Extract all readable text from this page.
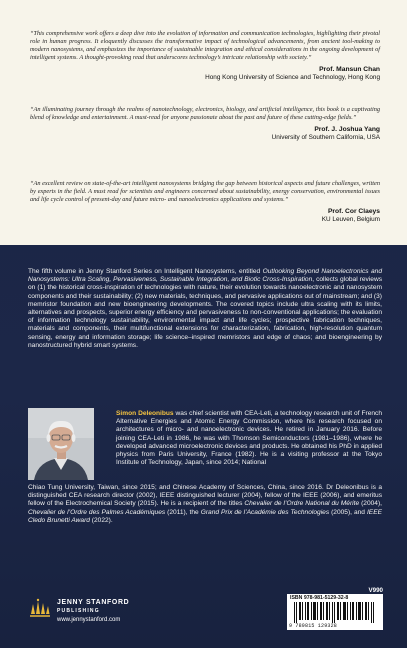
“This comprehensive work offers a deep dive into the evolution of information and communication technologies, highlighting their pivotal role in human progress. It eloquently discusses the transformative impact of technological advancements, from ancient tool-making to modern nanosystems, and emphasizes the importance of sustainable integration and ethical considerations in the ongoing development of intelligent systems. A thought-provoking read that underscores technology’s intricate relationship with society.”

Prof. Mansun Chan
Hong Kong University of Science and Technology, Hong Kong

“An illuminating journey through the realms of nanotechnology, electronics, biology, and artificial intelligence, this book is a captivating blend of knowledge and entertainment. A must-read for anyone passionate about the past and future of these cutting-edge fields.”

Prof. J. Joshua Yang
University of Southern California, USA

“An excellent review on state-of-the-art intelligent nanosystems bridging the gap between historical aspects and future challenges, written by experts in the field. A must read for scientists and engineers concerned about sustainability, energy conservation, environmental issues and life cycle control of present-day and future micro- and nanoelectronics applications and systems.”

Prof. Cor Claeys
KU Leuven, Belgium

The fifth volume in Jenny Stanford Series on Intelligent Nanosystems, entitled Outlooking Beyond Nanoelectronics and Nanosystems: Ultra Scaling, Pervasiveness, Sustainable Integration, and Biotic Cross-Inspiration, collects global reviews on (1) the historical cross-inspiration of technologies with nature, their evolution towards nanoelectronic and nanosystem components and their sustainability; (2) new materials, techniques, and pervasive applications out of mainstream; and (3) memristor foundation and new bioengineering developments. The covered topics include ultra scaling with its limits, alternatives and prospects, superior energy efficiency and pervasiveness to non-conventional applications; the evaluation of information technology sustainability, environmental impact and life cycles; prospective fabrication techniques, materials and components, their multifunctional extensions for characterization, fabrication, high-resolution quantum sensing, energy and information storage; life science–inspired memristors and edge of chaos; and bioengineering by nanostructured hybrid smart systems.

Simon Deleonibus was chief scientist with CEA-Leti, a technology research unit of French Alternative Energies and Atomic Energy Commission, where his research focused on architectures of micro- and nanoelectronic devices. He retired in January 2016. Before joining CEA-Leti in 1986, he was with Thomson Semiconductors (1981–1986), where he developed advanced microelectronic devices and products. He obtained his PhD in applied physics from Paris University, France (1982). He is a visiting professor at the Tokyo Institute of Technology, Japan, since 2014; National

Chiao Tung University, Taiwan, since 2015; and Chinese Academy of Sciences, China, since 2016. Dr Deleonibus is a distinguished CEA research director (2002), IEEE distinguished lecturer (2004), fellow of the IEEE (2006), and emeritus fellow of the Electrochemical Society (2015). He is a recipient of the titles Chevalier de l’Ordre National du Mérite (2004), Chevalier de l’Ordre des Palmes Académiques (2011), the Grand Prix de l’Académie des Technologies (2005), and IEEE Cledo Brunetti Award (2022).

JENNY STANFORD
PUBLISHING
www.jennystanford.com
V990
ISBN 978-981-5129-32-8
9 789815 129328
